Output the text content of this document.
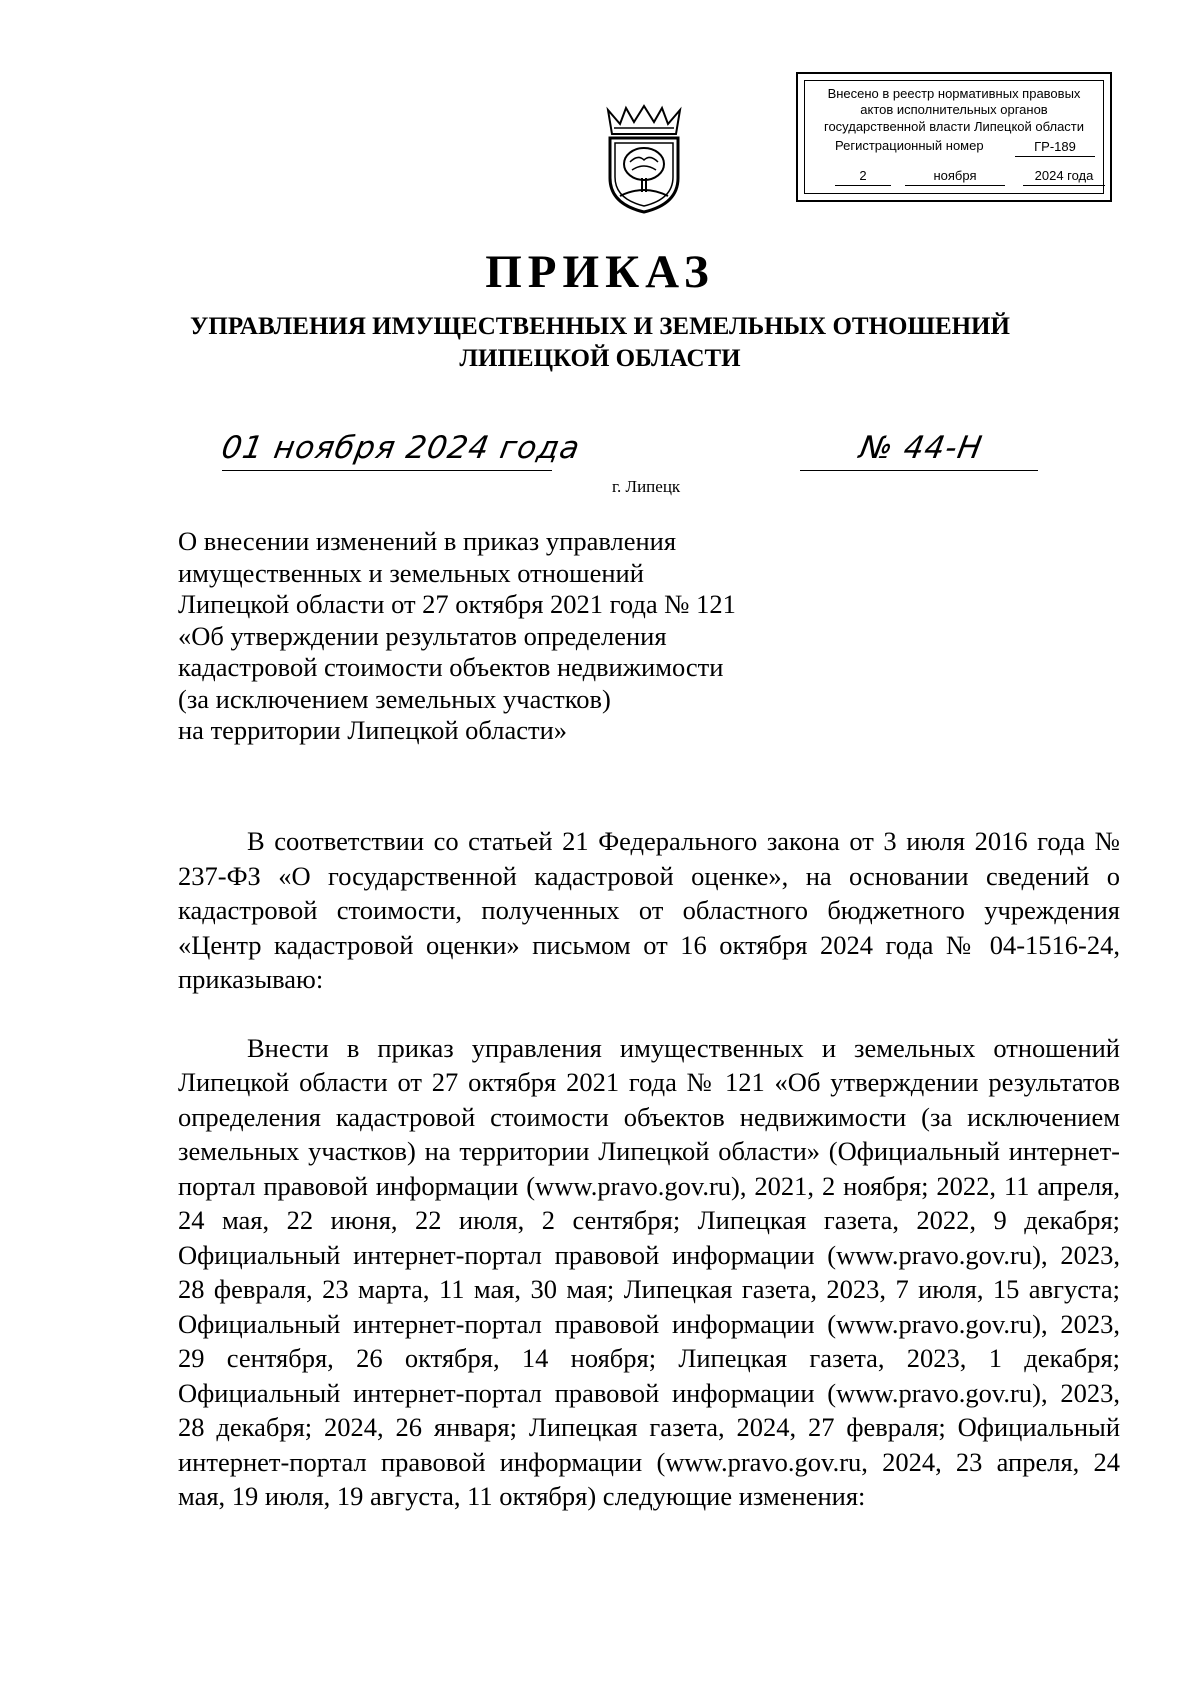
Внесено в реестр нормативных правовых
актов исполнительных органов
государственной власти Липецкой области
Регистрационный номер	ГР-189
2	ноября	2024 года
ПРИКАЗ
УПРАВЛЕНИЯ ИМУЩЕСТВЕННЫХ И ЗЕМЕЛЬНЫХ ОТНОШЕНИЙ
ЛИПЕЦКОЙ ОБЛАСТИ
01 ноября 2024 года
г. Липецк
№ 44-Н
О внесении изменений в приказ управления
имущественных и земельных отношений
Липецкой области от 27 октября 2021 года № 121
«Об утверждении результатов определения
кадастровой стоимости объектов недвижимости
(за исключением земельных участков)
на территории Липецкой области»

В соответствии со статьей 21 Федерального закона от 3 июля 2016 года № 237-ФЗ «О государственной кадастровой оценке», на основании сведений о кадастровой стоимости, полученных от областного бюджетного учреждения «Центр кадастровой оценки» письмом от 16 октября 2024 года № 04-1516-24, приказываю:

Внести в приказ управления имущественных и земельных отношений Липецкой области от 27 октября 2021 года № 121 «Об утверждении результатов определения кадастровой стоимости объектов недвижимости (за исключением земельных участков) на территории Липецкой области» (Официальный интернет-портал правовой информации (www.pravo.gov.ru), 2021, 2 ноября; 2022, 11 апреля, 24 мая, 22 июня, 22 июля, 2 сентября; Липецкая газета, 2022, 9 декабря; Официальный интернет-портал правовой информации (www.pravo.gov.ru), 2023, 28 февраля, 23 марта, 11 мая, 30 мая; Липецкая газета, 2023, 7 июля, 15 августа; Официальный интернет-портал правовой информации (www.pravo.gov.ru), 2023, 29 сентября, 26 октября, 14 ноября; Липецкая газета, 2023, 1 декабря; Официальный интернет-портал правовой информации (www.pravo.gov.ru), 2023, 28 декабря; 2024, 26 января; Липецкая газета, 2024, 27 февраля; Официальный интернет-портал правовой информации (www.pravo.gov.ru, 2024, 23 апреля, 24 мая, 19 июля, 19 августа, 11 октября) следующие изменения:
